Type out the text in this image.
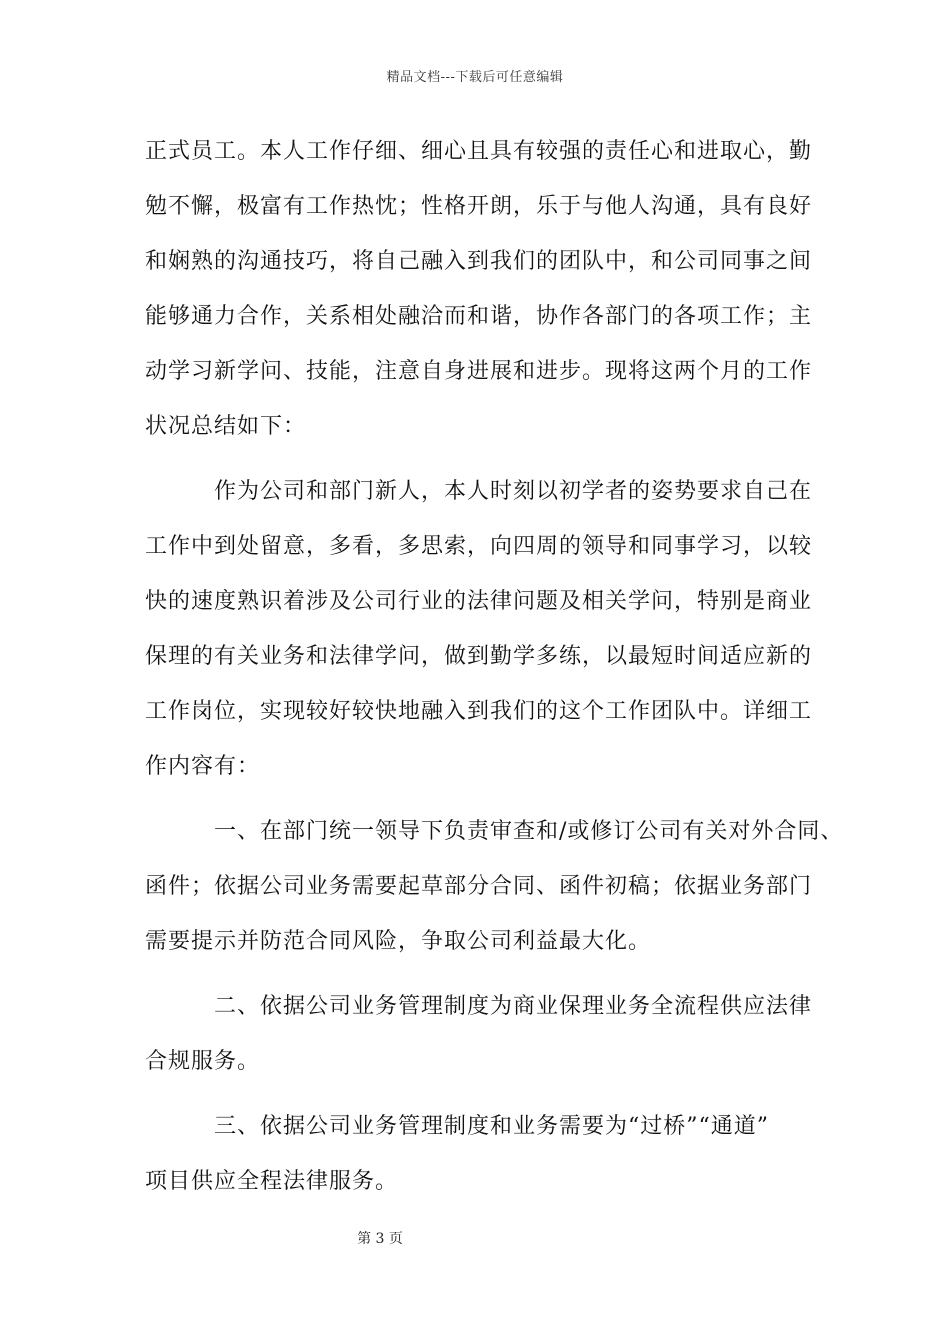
精品文档---下载后可任意编辑
正式员工。本人工作仔细、细心且具有较强的责任心和进取心，勤
勉不懈，极富有工作热忱；性格开朗，乐于与他人沟通，具有良好
和娴熟的沟通技巧，将自己融入到我们的团队中，和公司同事之间
能够通力合作，关系相处融洽而和谐，协作各部门的各项工作；主
动学习新学问、技能，注意自身进展和进步。现将这两个月的工作
状况总结如下：
作为公司和部门新人，本人时刻以初学者的姿势要求自己在
工作中到处留意，多看，多思索，向四周的领导和同事学习，以较
快的速度熟识着涉及公司行业的法律问题及相关学问，特别是商业
保理的有关业务和法律学问，做到勤学多练，以最短时间适应新的
工作岗位，实现较好较快地融入到我们的这个工作团队中。详细工
作内容有：
一、在部门统一领导下负责审查和/或修订公司有关对外合同、
函件；依据公司业务需要起草部分合同、函件初稿；依据业务部门
需要提示并防范合同风险，争取公司利益最大化。
二、依据公司业务管理制度为商业保理业务全流程供应法律
合规服务。
三、依据公司业务管理制度和业务需要为“过桥”“通道”
项目供应全程法律服务。
第 3 页
